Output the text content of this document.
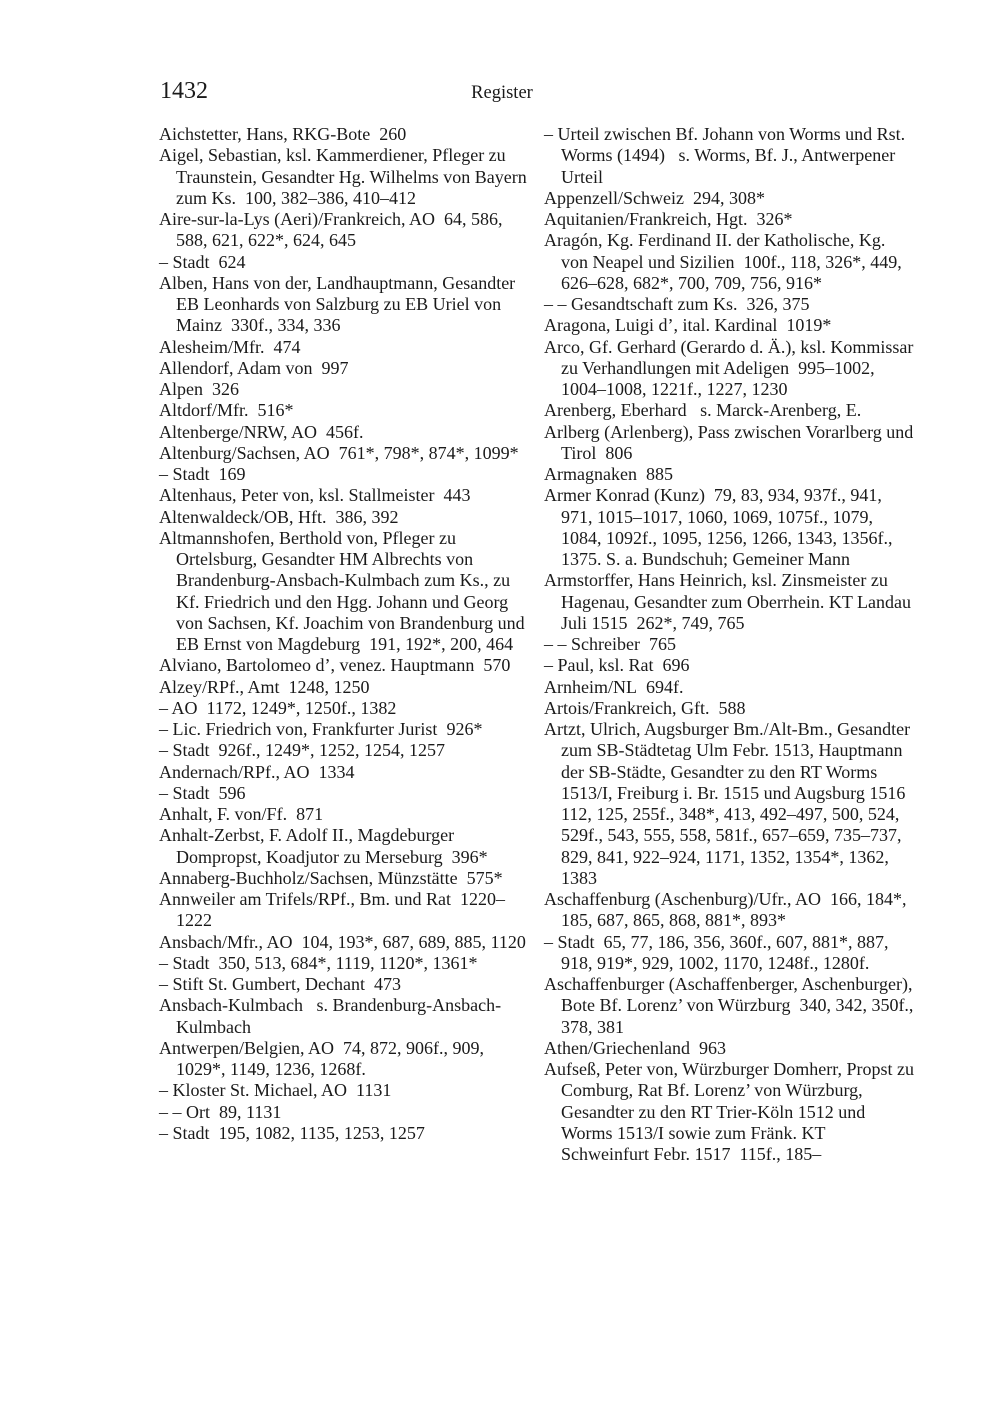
1432	Register
Aichstetter, Hans, RKG-Bote 260
Aigel, Sebastian, ksl. Kammerdiener, Pfleger zu Traunstein, Gesandter Hg. Wilhelms von Bayern zum Ks. 100, 382–386, 410–412
Aire-sur-la-Lys (Aeri)/Frankreich, AO 64, 586, 588, 621, 622*, 624, 645
– Stadt 624
Alben, Hans von der, Landhauptmann, Gesandter EB Leonhards von Salzburg zu EB Uriel von Mainz 330f., 334, 336
Alesheim/Mfr. 474
Allendorf, Adam von 997
Alpen 326
Altdorf/Mfr. 516*
Altenberge/NRW, AO 456f.
Altenburg/Sachsen, AO 761*, 798*, 874*, 1099*
– Stadt 169
Altenhaus, Peter von, ksl. Stallmeister 443
Altenwaldeck/OB, Hft. 386, 392
Altmannshofen, Berthold von, Pfleger zu Ortelsburg, Gesandter HM Albrechts von Brandenburg-Ansbach-Kulmbach zum Ks., zu Kf. Friedrich und den Hgg. Johann und Georg von Sachsen, Kf. Joachim von Brandenburg und EB Ernst von Magdeburg 191, 192*, 200, 464
Alviano, Bartolomeo d’, venez. Hauptmann 570
Alzey/RPf., Amt 1248, 1250
– AO 1172, 1249*, 1250f., 1382
– Lic. Friedrich von, Frankfurter Jurist 926*
– Stadt 926f., 1249*, 1252, 1254, 1257
Andernach/RPf., AO 1334
– Stadt 596
Anhalt, F. von/Ff. 871
Anhalt-Zerbst, F. Adolf II., Magdeburger Dompropst, Koadjutor zu Merseburg 396*
Annaberg-Buchholz/Sachsen, Münzstätte 575*
Annweiler am Trifels/RPf., Bm. und Rat 1220–1222
Ansbach/Mfr., AO 104, 193*, 687, 689, 885, 1120
– Stadt 350, 513, 684*, 1119, 1120*, 1361*
– Stift St. Gumbert, Dechant 473
Ansbach-Kulmbach  s. Brandenburg-Ansbach-Kulmbach
Antwerpen/Belgien, AO 74, 872, 906f., 909, 1029*, 1149, 1236, 1268f.
– Kloster St. Michael, AO 1131
– – Ort 89, 1131
– Stadt 195, 1082, 1135, 1253, 1257
– Urteil zwischen Bf. Johann von Worms und Rst. Worms (1494)  s. Worms, Bf. J., Antwerpener Urteil
Appenzell/Schweiz 294, 308*
Aquitanien/Frankreich, Hgt. 326*
Aragón, Kg. Ferdinand II. der Katholische, Kg. von Neapel und Sizilien 100f., 118, 326*, 449, 626–628, 682*, 700, 709, 756, 916*
– – Gesandtschaft zum Ks. 326, 375
Aragona, Luigi d’, ital. Kardinal 1019*
Arco, Gf. Gerhard (Gerardo d. Ä.), ksl. Kommissar zu Verhandlungen mit Adeligen 995–1002, 1004–1008, 1221f., 1227, 1230
Arenberg, Eberhard  s. Marck-Arenberg, E.
Arlberg (Arlenberg), Pass zwischen Vorarlberg und Tirol 806
Armagnaken 885
Armer Konrad (Kunz) 79, 83, 934, 937f., 941, 971, 1015–1017, 1060, 1069, 1075f., 1079, 1084, 1092f., 1095, 1256, 1266, 1343, 1356f., 1375. S. a. Bundschuh; Gemeiner Mann
Armstorffer, Hans Heinrich, ksl. Zinsmeister zu Hagenau, Gesandter zum Oberrhein. KT Landau Juli 1515 262*, 749, 765
– – Schreiber 765
– Paul, ksl. Rat 696
Arnheim/NL 694f.
Artois/Frankreich, Gft. 588
Artzt, Ulrich, Augsburger Bm./Alt-Bm., Gesandter zum SB-Städtetag Ulm Febr. 1513, Hauptmann der SB-Städte, Gesandter zu den RT Worms 1513/I, Freiburg i. Br. 1515 und Augsburg 1516  112, 125, 255f., 348*, 413, 492–497, 500, 524, 529f., 543, 555, 558, 581f., 657–659, 735–737, 829, 841, 922–924, 1171, 1352, 1354*, 1362, 1383
Aschaffenburg (Aschenburg)/Ufr., AO 166, 184*, 185, 687, 865, 868, 881*, 893*
– Stadt 65, 77, 186, 356, 360f., 607, 881*, 887, 918, 919*, 929, 1002, 1170, 1248f., 1280f.
Aschaffenburger (Aschaffenberger, Aschenburger), Bote Bf. Lorenz’ von Würzburg 340, 342, 350f., 378, 381
Athen/Griechenland 963
Aufseß, Peter von, Würzburger Domherr, Propst zu Comburg, Rat Bf. Lorenz’ von Würzburg, Gesandter zu den RT Trier-Köln 1512 und Worms 1513/I sowie zum Fränk. KT Schweinfurt Febr. 1517 115f., 185–
